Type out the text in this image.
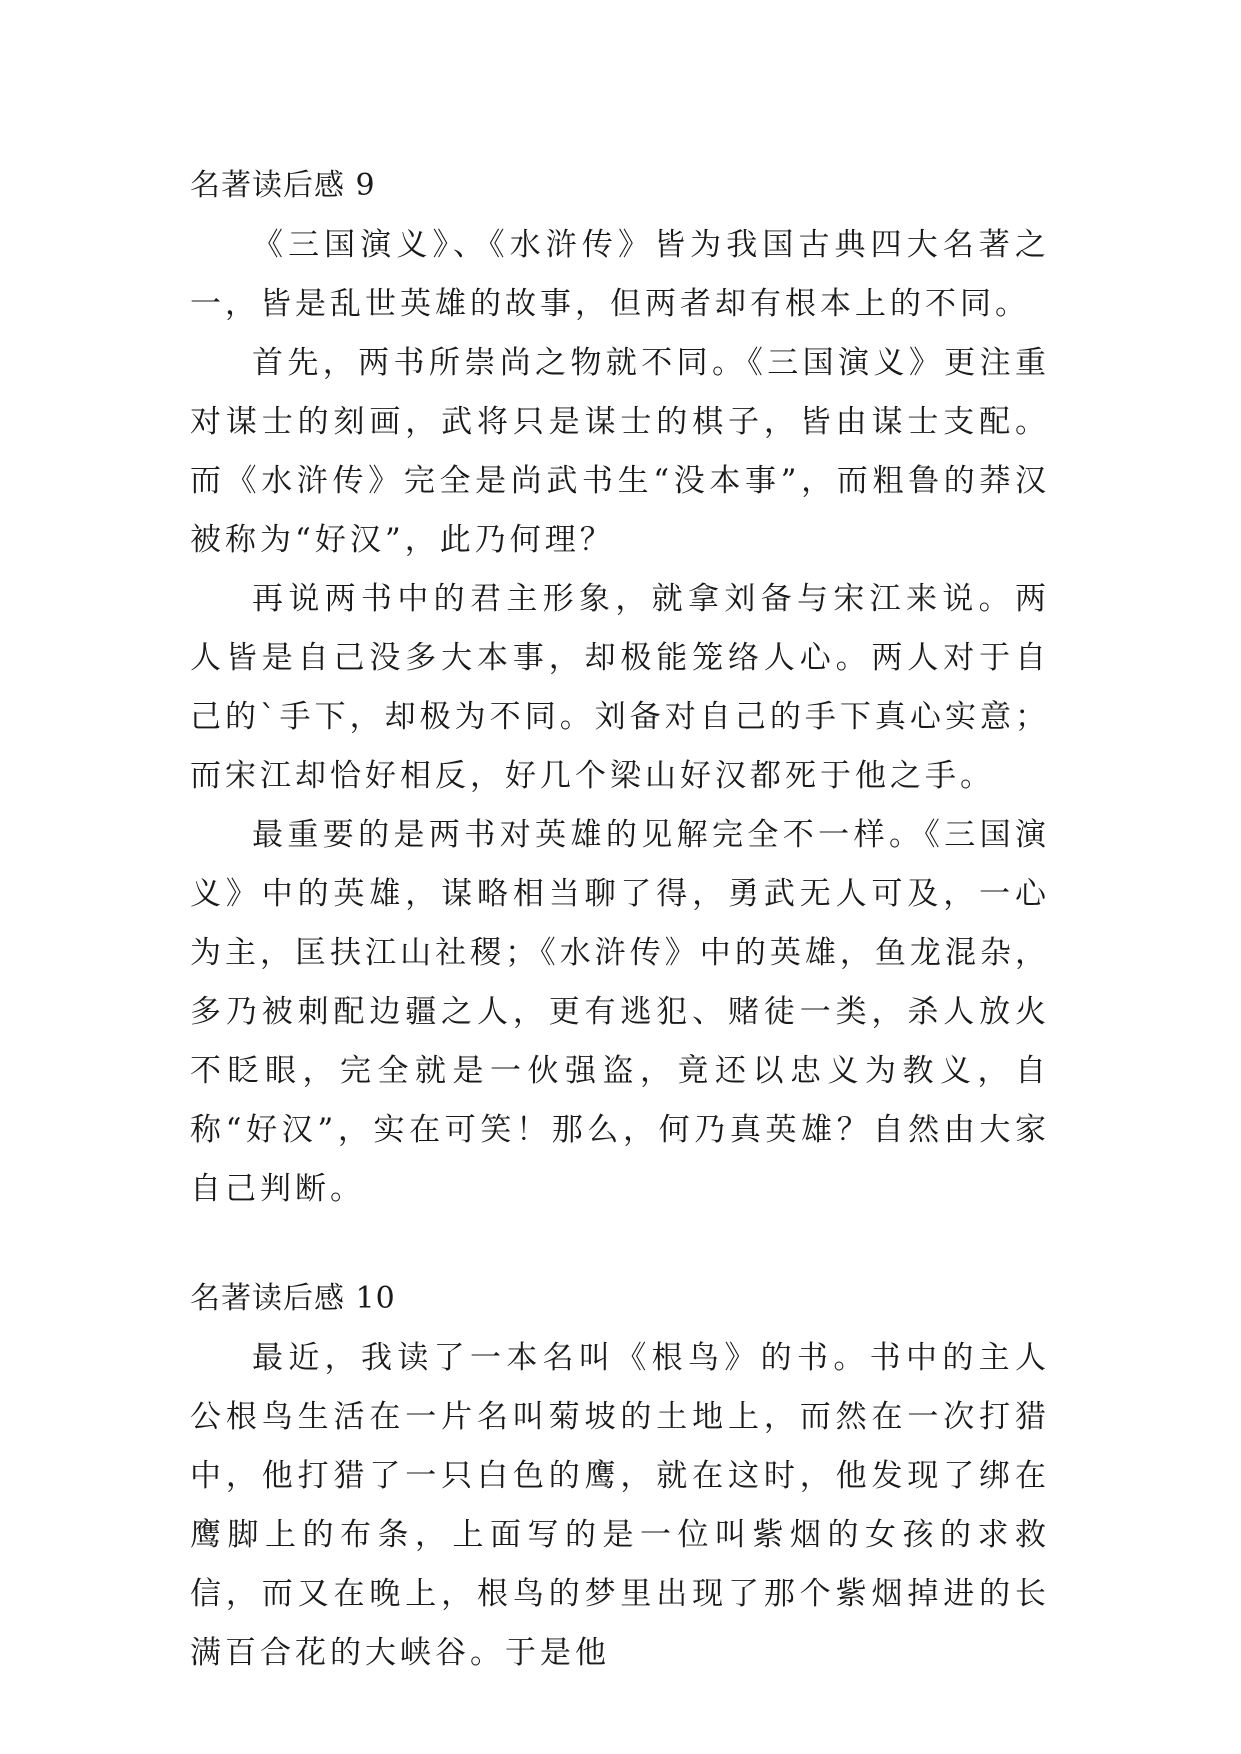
名著读后感 9

《三国演义》、《水浒传》皆为我国古典四大名著之一，皆是乱世英雄的故事，但两者却有根本上的不同。

首先，两书所崇尚之物就不同。《三国演义》更注重对谋士的刻画，武将只是谋士的棋子，皆由谋士支配。而《水浒传》完全是尚武书生“没本事”，而粗鲁的莽汉被称为“好汉”，此乃何理？

再说两书中的君主形象，就拿刘备与宋江来说。两人皆是自己没多大本事，却极能笼络人心。两人对于自己的`手下，却极为不同。刘备对自己的手下真心实意；而宋江却恰好相反，好几个梁山好汉都死于他之手。

最重要的是两书对英雄的见解完全不一样。《三国演义》中的英雄，谋略相当聊了得，勇武无人可及，一心为主，匡扶江山社稷；《水浒传》中的英雄，鱼龙混杂，多乃被刺配边疆之人，更有逃犯、赌徒一类，杀人放火不眨眼，完全就是一伙强盗，竟还以忠义为教义，自称“好汉”，实在可笑！那么，何乃真英雄？自然由大家自己判断。

名著读后感 10

最近，我读了一本名叫《根鸟》的书。书中的主人公根鸟生活在一片名叫菊坡的土地上，而然在一次打猎中，他打猎了一只白色的鹰，就在这时，他发现了绑在鹰脚上的布条，上面写的是一位叫紫烟的女孩的求救信，而又在晚上，根鸟的梦里出现了那个紫烟掉进的长满百合花的大峡谷。于是他
